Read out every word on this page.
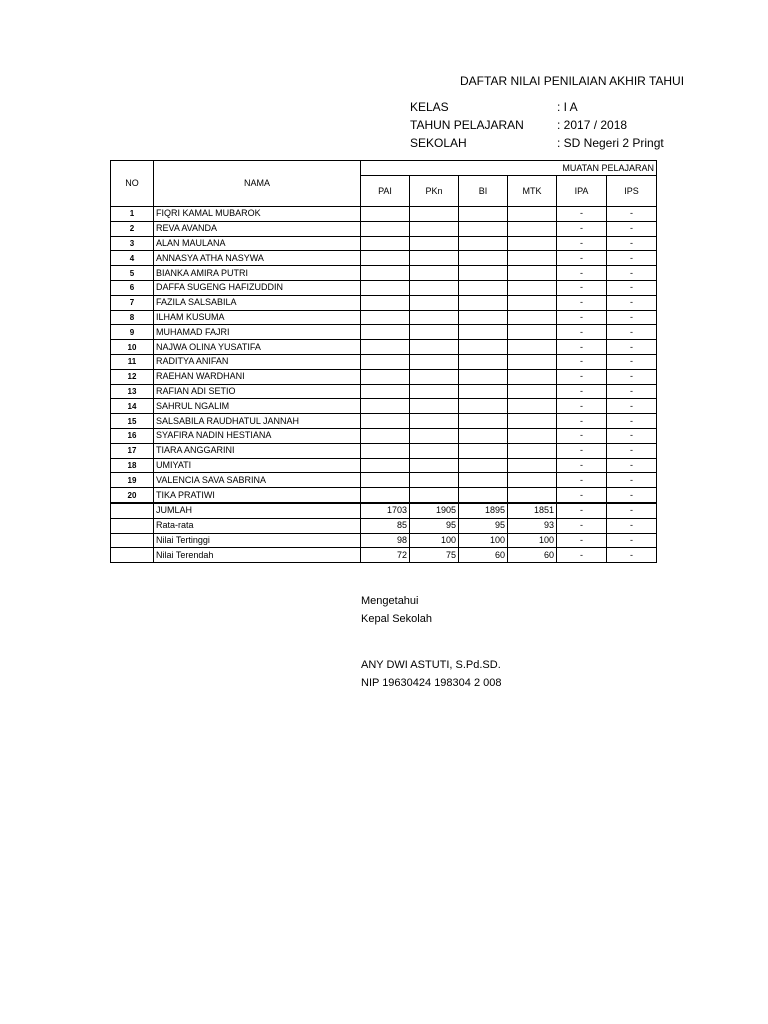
DAFTAR NILAI PENILAIAN AKHIR TAHUI
KELAS	: I A
TAHUN PELAJARAN	: 2017 / 2018
SEKOLAH	: SD Negeri 2 Pringt
NO	NAMA	MUATAN PELAJARAN					
		PAI	PKn	BI	MTK	IPA	IPS
1	FIQRI KAMAL MUBAROK					-	-
2	REVA AVANDA					-	-
3	ALAN MAULANA					-	-
4	ANNASYA ATHA NASYWA					-	-
5	BIANKA AMIRA PUTRI					-	-
6	DAFFA SUGENG HAFIZUDDIN					-	-
7	FAZILA SALSABILA					-	-
8	ILHAM KUSUMA					-	-
9	MUHAMAD FAJRI					-	-
10	NAJWA OLINA YUSATIFA					-	-
11	RADITYA ANIFAN					-	-
12	RAEHAN WARDHANI					-	-
13	RAFIAN ADI SETIO					-	-
14	SAHRUL NGALIM					-	-
15	SALSABILA RAUDHATUL JANNAH					-	-
16	SYAFIRA NADIN HESTIANA					-	-
17	TIARA ANGGARINI					-	-
18	UMIYATI					-	-
19	VALENCIA SAVA SABRINA					-	-
20	TIKA PRATIWI					-	-
	JUMLAH	1703	1905	1895	1851	-	-
	Rata-rata	85	95	95	93	-	-
	Nilai Tertinggi	98	100	100	100	-	-
	Nilai Terendah	72	75	60	60	-	-
Mengetahui
Kepal Sekolah
ANY DWI ASTUTI, S.Pd.SD.
NIP 19630424 198304 2 008
